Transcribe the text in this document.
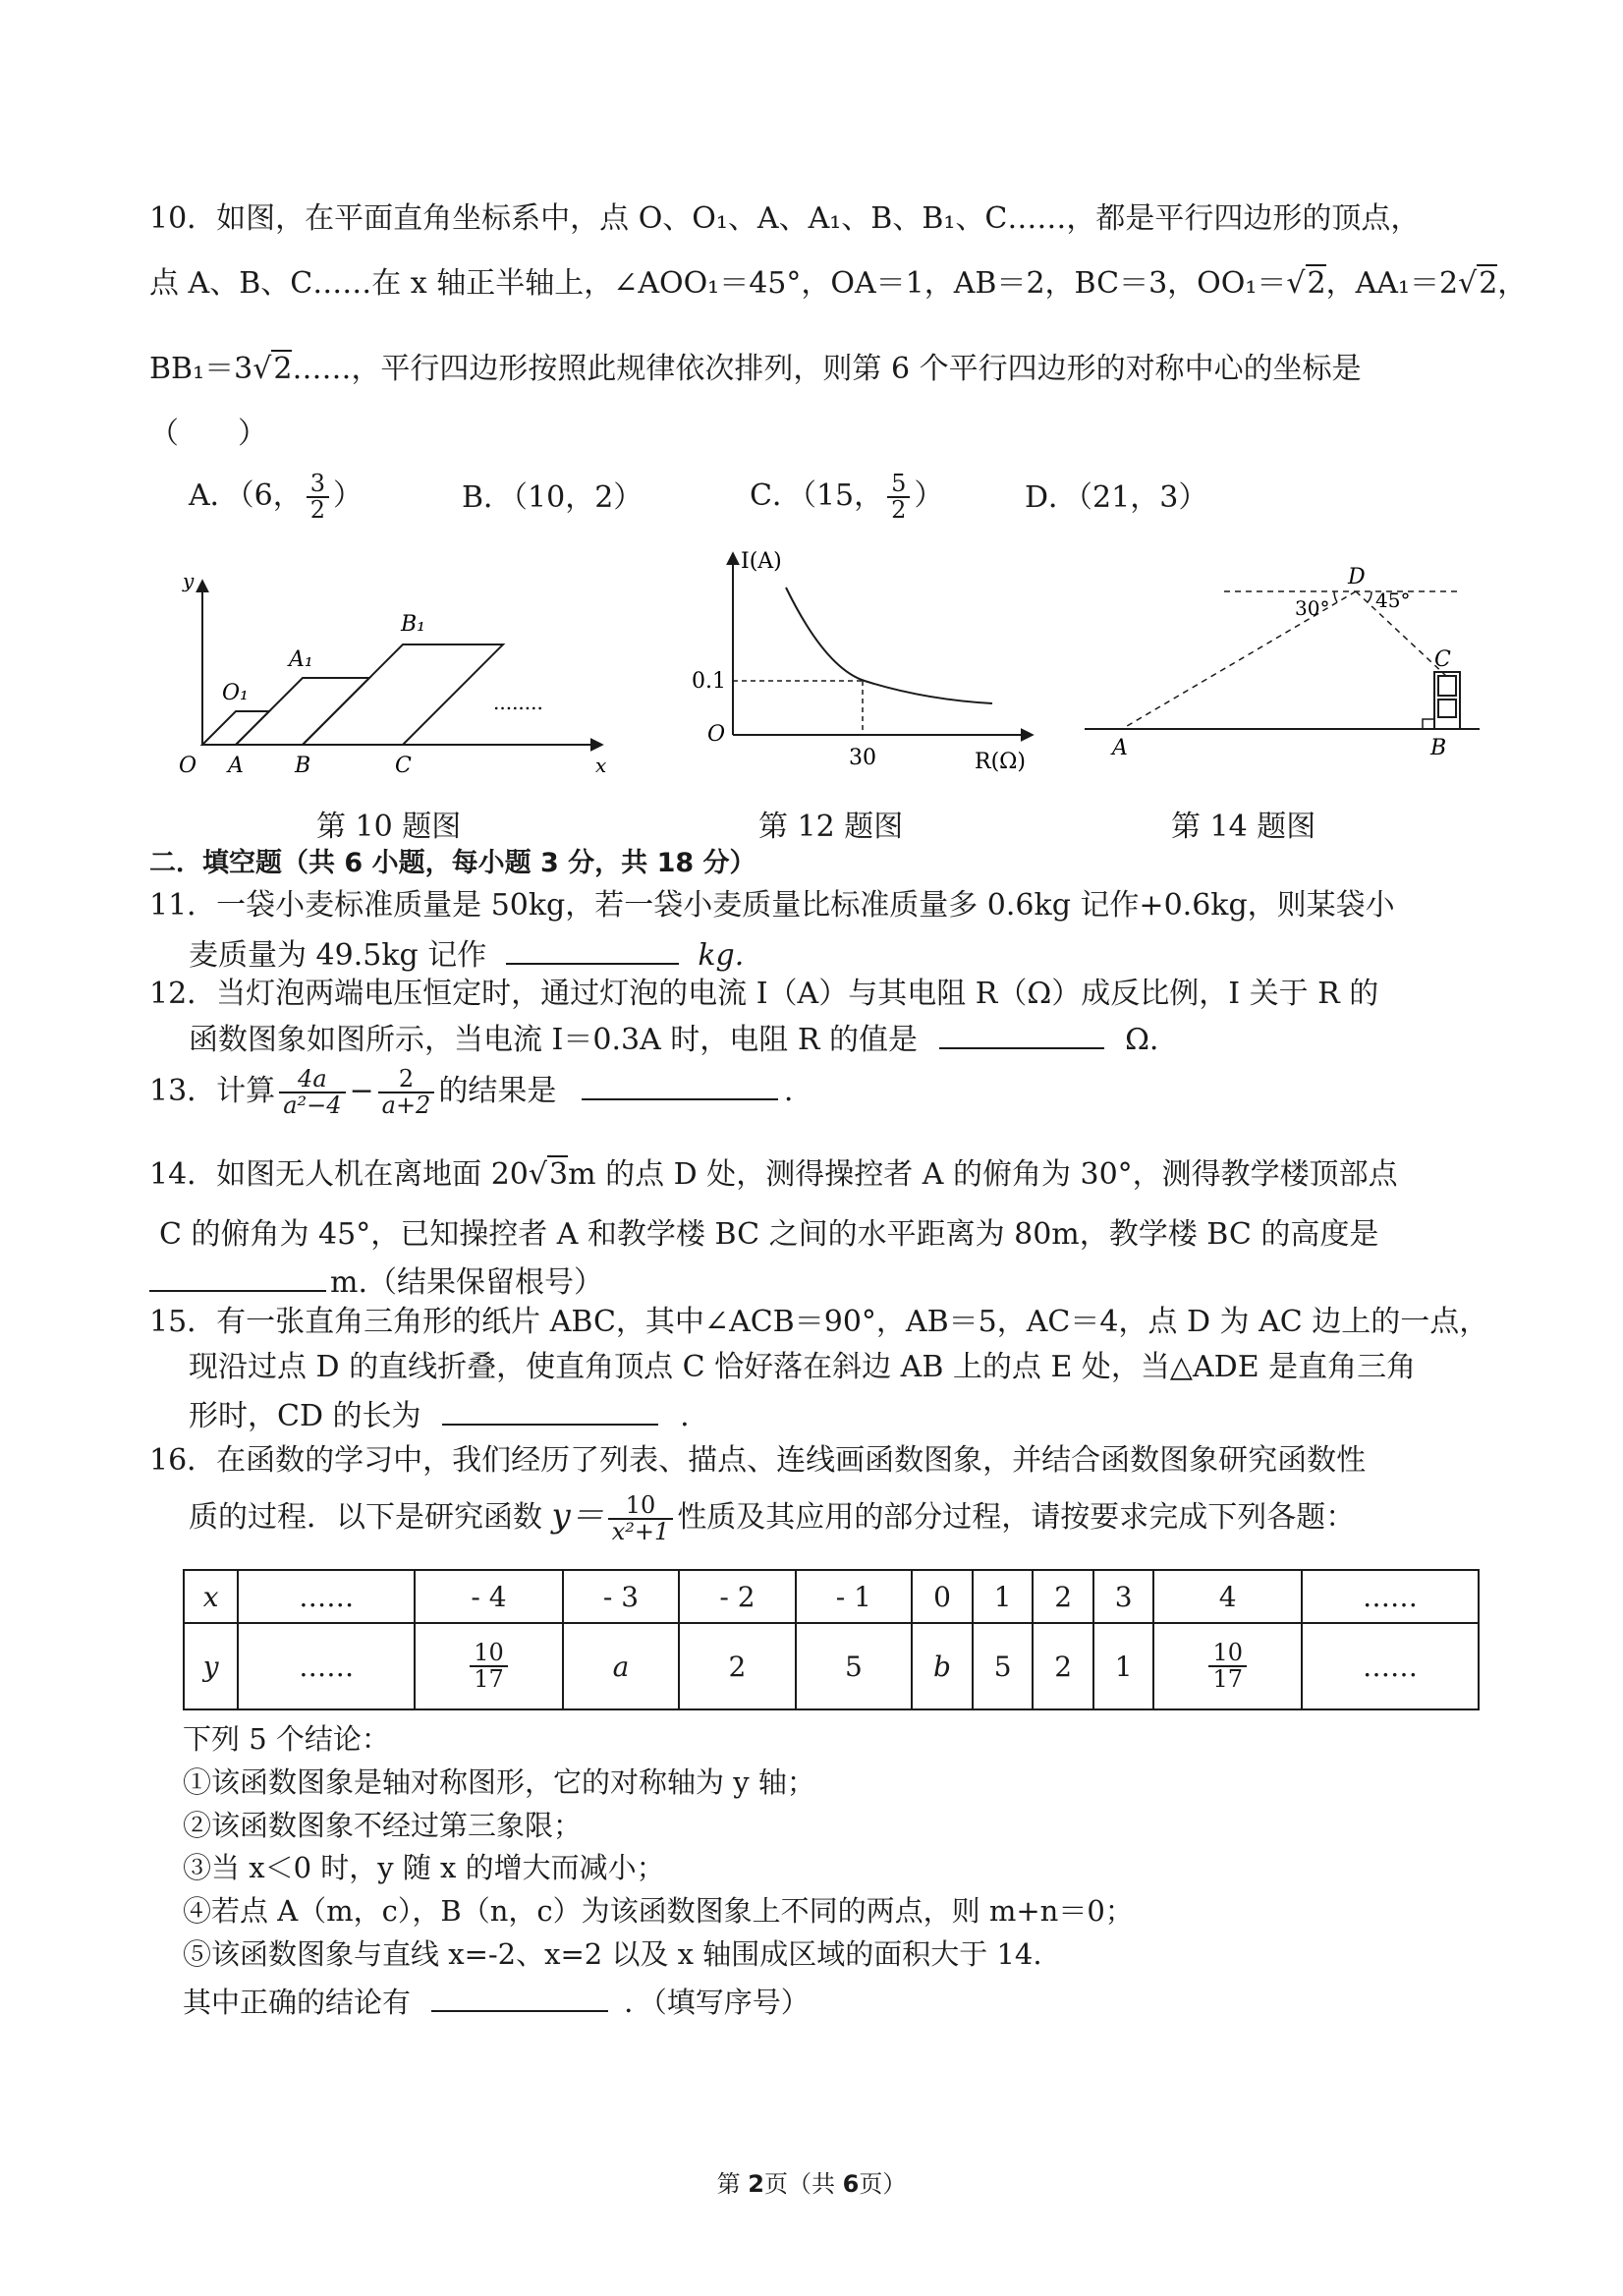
10．如图，在平面直角坐标系中，点 O、O₁、A、A₁、B、B₁、C……，都是平行四边形的顶点，
点 A、B、C……在 x 轴正半轴上，∠AOO₁＝45°，OA＝1，AB＝2，BC＝3，OO₁＝√2，AA₁＝2√2，
BB₁＝3√2……，平行四边形按照此规律依次排列，则第 6 个平行四边形的对称中心的坐标是
（　　）
A．（6， $\frac{3}{2}$ ）	B．（10，2）	C．（15， $\frac{5}{2}$ ）	D．（21，3）
y
x
O A B	C
O₁
A₁
B₁
........
第 10 题图
I(A)
R(Ω)
O
0.1
30
第 12 题图
D
30° 45°
C
A	B
第 14 题图
二．填空题（共 6 小题，每小题 3 分，共 18 分）
11．一袋小麦标准质量是 50kg，若一袋小麦质量比标准质量多 0.6kg 记作+0.6kg，则某袋小
麦质量为 49.5kg 记作	kg.
12．当灯泡两端电压恒定时，通过灯泡的电流 I（A）与其电阻 R（Ω）成反比例，I 关于 R 的
函数图象如图所示，当电流 I＝0.3A 时，电阻 R 的值是	Ω.
13．计算 $\frac{4a}{\text{a²−4}} - \frac{2}{a+2}$ 的结果是	.
14．如图无人机在离地面 20√3m 的点 D 处，测得操控者 A 的俯角为 30°，测得教学楼顶部点
C 的俯角为 45°，已知操控者 A 和教学楼 BC 之间的水平距离为 80m，教学楼 BC 的高度是
m.（结果保留根号）
15．有一张直角三角形的纸片 ABC，其中∠ACB＝90°，AB＝5，AC＝4，点 D 为 AC 边上的一点，
现沿过点 D 的直线折叠，使直角顶点 C 恰好落在斜边 AB 上的点 E 处，当△ADE 是直角三角
形时，CD 的长为	.
16．在函数的学习中，我们经历了列表、描点、连线画函数图象，并结合函数图象研究函数性
质的过程．以下是研究函数 $y= \frac{10}{\text{x²+1}}$ 性质及其应用的部分过程，请按要求完成下列各题：
x	……	- 4	- 3	- 2	- 1	0	1	2	3	4	……
y	……	$\frac{10}{17}$	a	2	5	b	5	2	1	$\frac{10}{17}$	……
下列 5 个结论：
①该函数图象是轴对称图形，它的对称轴为 y 轴；
②该函数图象不经过第三象限；
③当 x＜0 时，y 随 x 的增大而减小；
④若点 A（m，c），B（n，c）为该函数图象上不同的两点，则 m+n＝0；
⑤该函数图象与直线 x=-2、x=2 以及 x 轴围成区域的面积大于 14.
其中正确的结论有	．（填写序号）
第 2页（共 6页）
